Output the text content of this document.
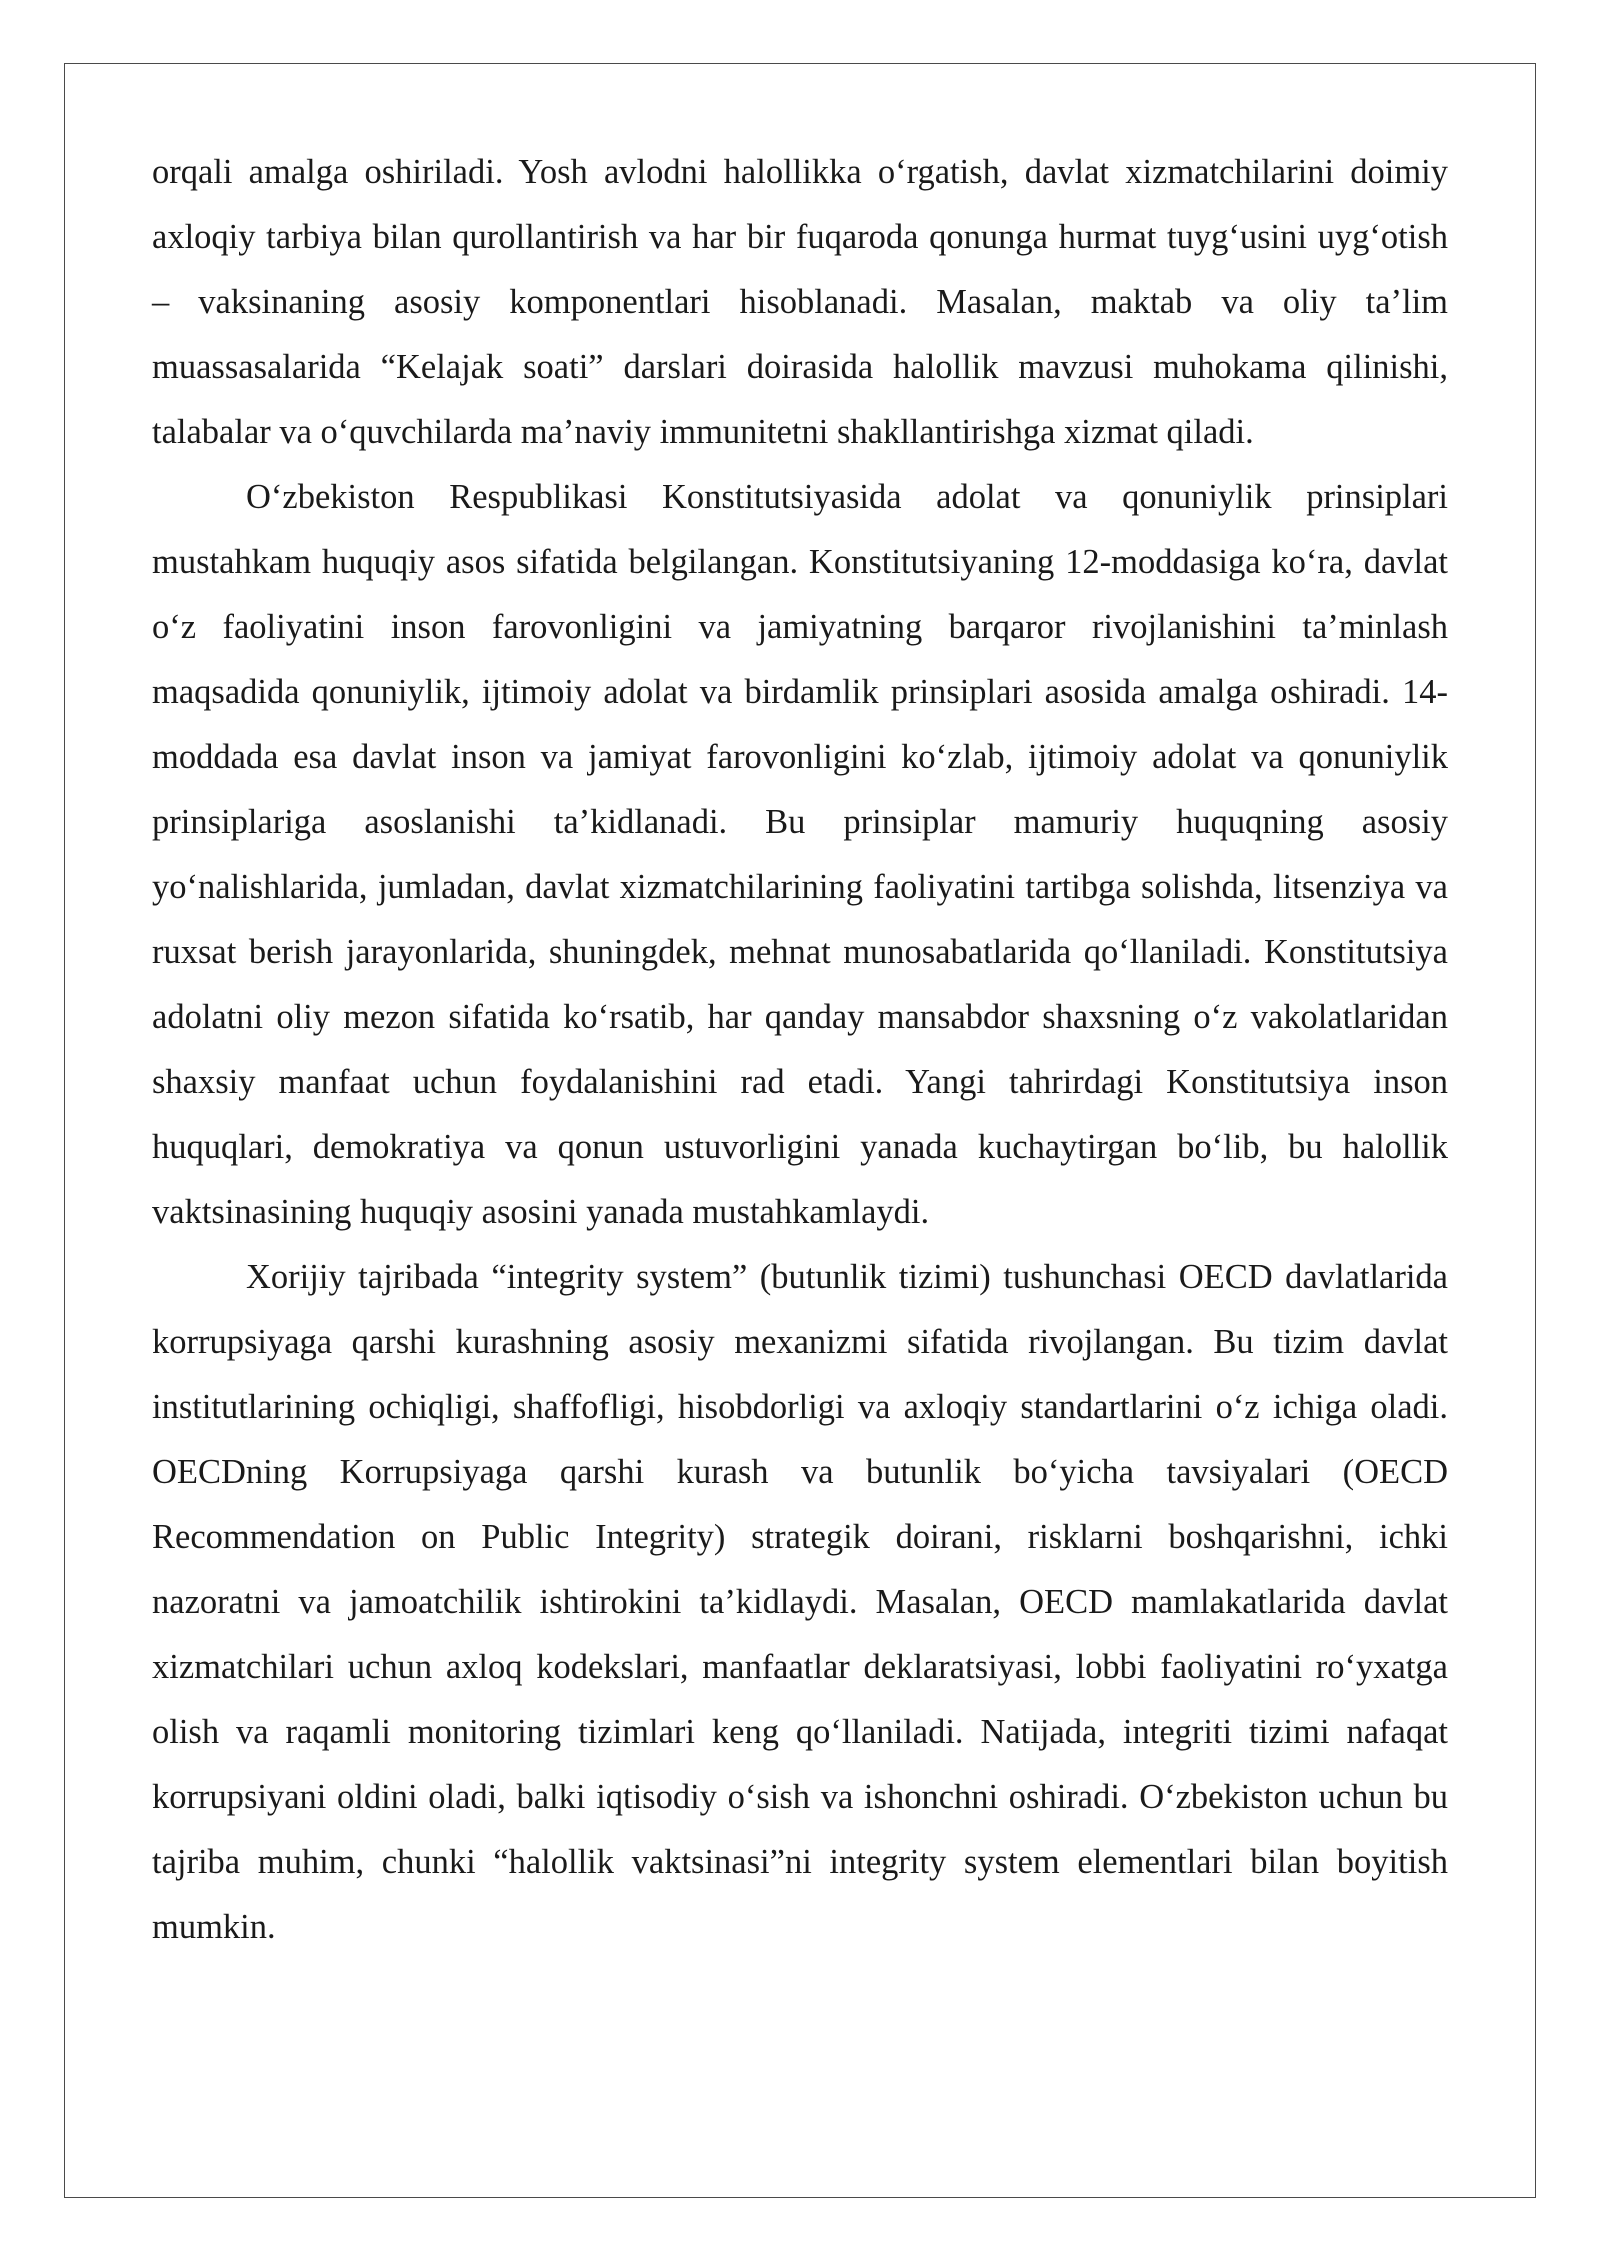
orqali amalga oshiriladi. Yosh avlodni halollikka o‘rgatish, davlat xizmatchilarini doimiy axloqiy tarbiya bilan qurollantirish va har bir fuqaroda qonunga hurmat tuyg‘usini uyg‘otish – vaksinaning asosiy komponentlari hisoblanadi. Masalan, maktab va oliy ta’lim muassasalarida “Kelajak soati” darslari doirasida halollik mavzusi muhokama qilinishi, talabalar va o‘quvchilarda ma’naviy immunitetni shakllantirishga xizmat qiladi.

O‘zbekiston Respublikasi Konstitutsiyasida adolat va qonuniylik prinsiplari mustahkam huquqiy asos sifatida belgilangan. Konstitutsiyaning 12-moddasiga ko‘ra, davlat o‘z faoliyatini inson farovonligini va jamiyatning barqaror rivojlanishini ta’minlash maqsadida qonuniylik, ijtimoiy adolat va birdamlik prinsiplari asosida amalga oshiradi. 14-moddada esa davlat inson va jamiyat farovonligini ko‘zlab, ijtimoiy adolat va qonuniylik prinsiplariga asoslanishi ta’kidlanadi. Bu prinsiplar mamuriy huquqning asosiy yo‘nalishlarida, jumladan, davlat xizmatchilarining faoliyatini tartibga solishda, litsenziya va ruxsat berish jarayonlarida, shuningdek, mehnat munosabatlarida qo‘llaniladi. Konstitutsiya adolatni oliy mezon sifatida ko‘rsatib, har qanday mansabdor shaxsning o‘z vakolatlaridan shaxsiy manfaat uchun foydalanishini rad etadi. Yangi tahrirdagi Konstitutsiya inson huquqlari, demokratiya va qonun ustuvorligini yanada kuchaytirgan bo‘lib, bu halollik vaktsinasining huquqiy asosini yanada mustahkamlaydi.

Xorijiy tajribada “integrity system” (butunlik tizimi) tushunchasi OECD davlatlarida korrupsiyaga qarshi kurashning asosiy mexanizmi sifatida rivojlangan. Bu tizim davlat institutlarining ochiqligi, shaffofligi, hisobdorligi va axloqiy standartlarini o‘z ichiga oladi. OECDning Korrupsiyaga qarshi kurash va butunlik bo‘yicha tavsiyalari (OECD Recommendation on Public Integrity) strategik doirani, risklarni boshqarishni, ichki nazoratni va jamoatchilik ishtirokini ta’kidlaydi. Masalan, OECD mamlakatlarida davlat xizmatchilari uchun axloq kodekslari, manfaatlar deklaratsiyasi, lobbi faoliyatini ro‘yxatga olish va raqamli monitoring tizimlari keng qo‘llaniladi. Natijada, integriti tizimi nafaqat korrupsiyani oldini oladi, balki iqtisodiy o‘sish va ishonchni oshiradi. O‘zbekiston uchun bu tajriba muhim, chunki “halollik vaktsinasi”ni integrity system elementlari bilan boyitish mumkin.
